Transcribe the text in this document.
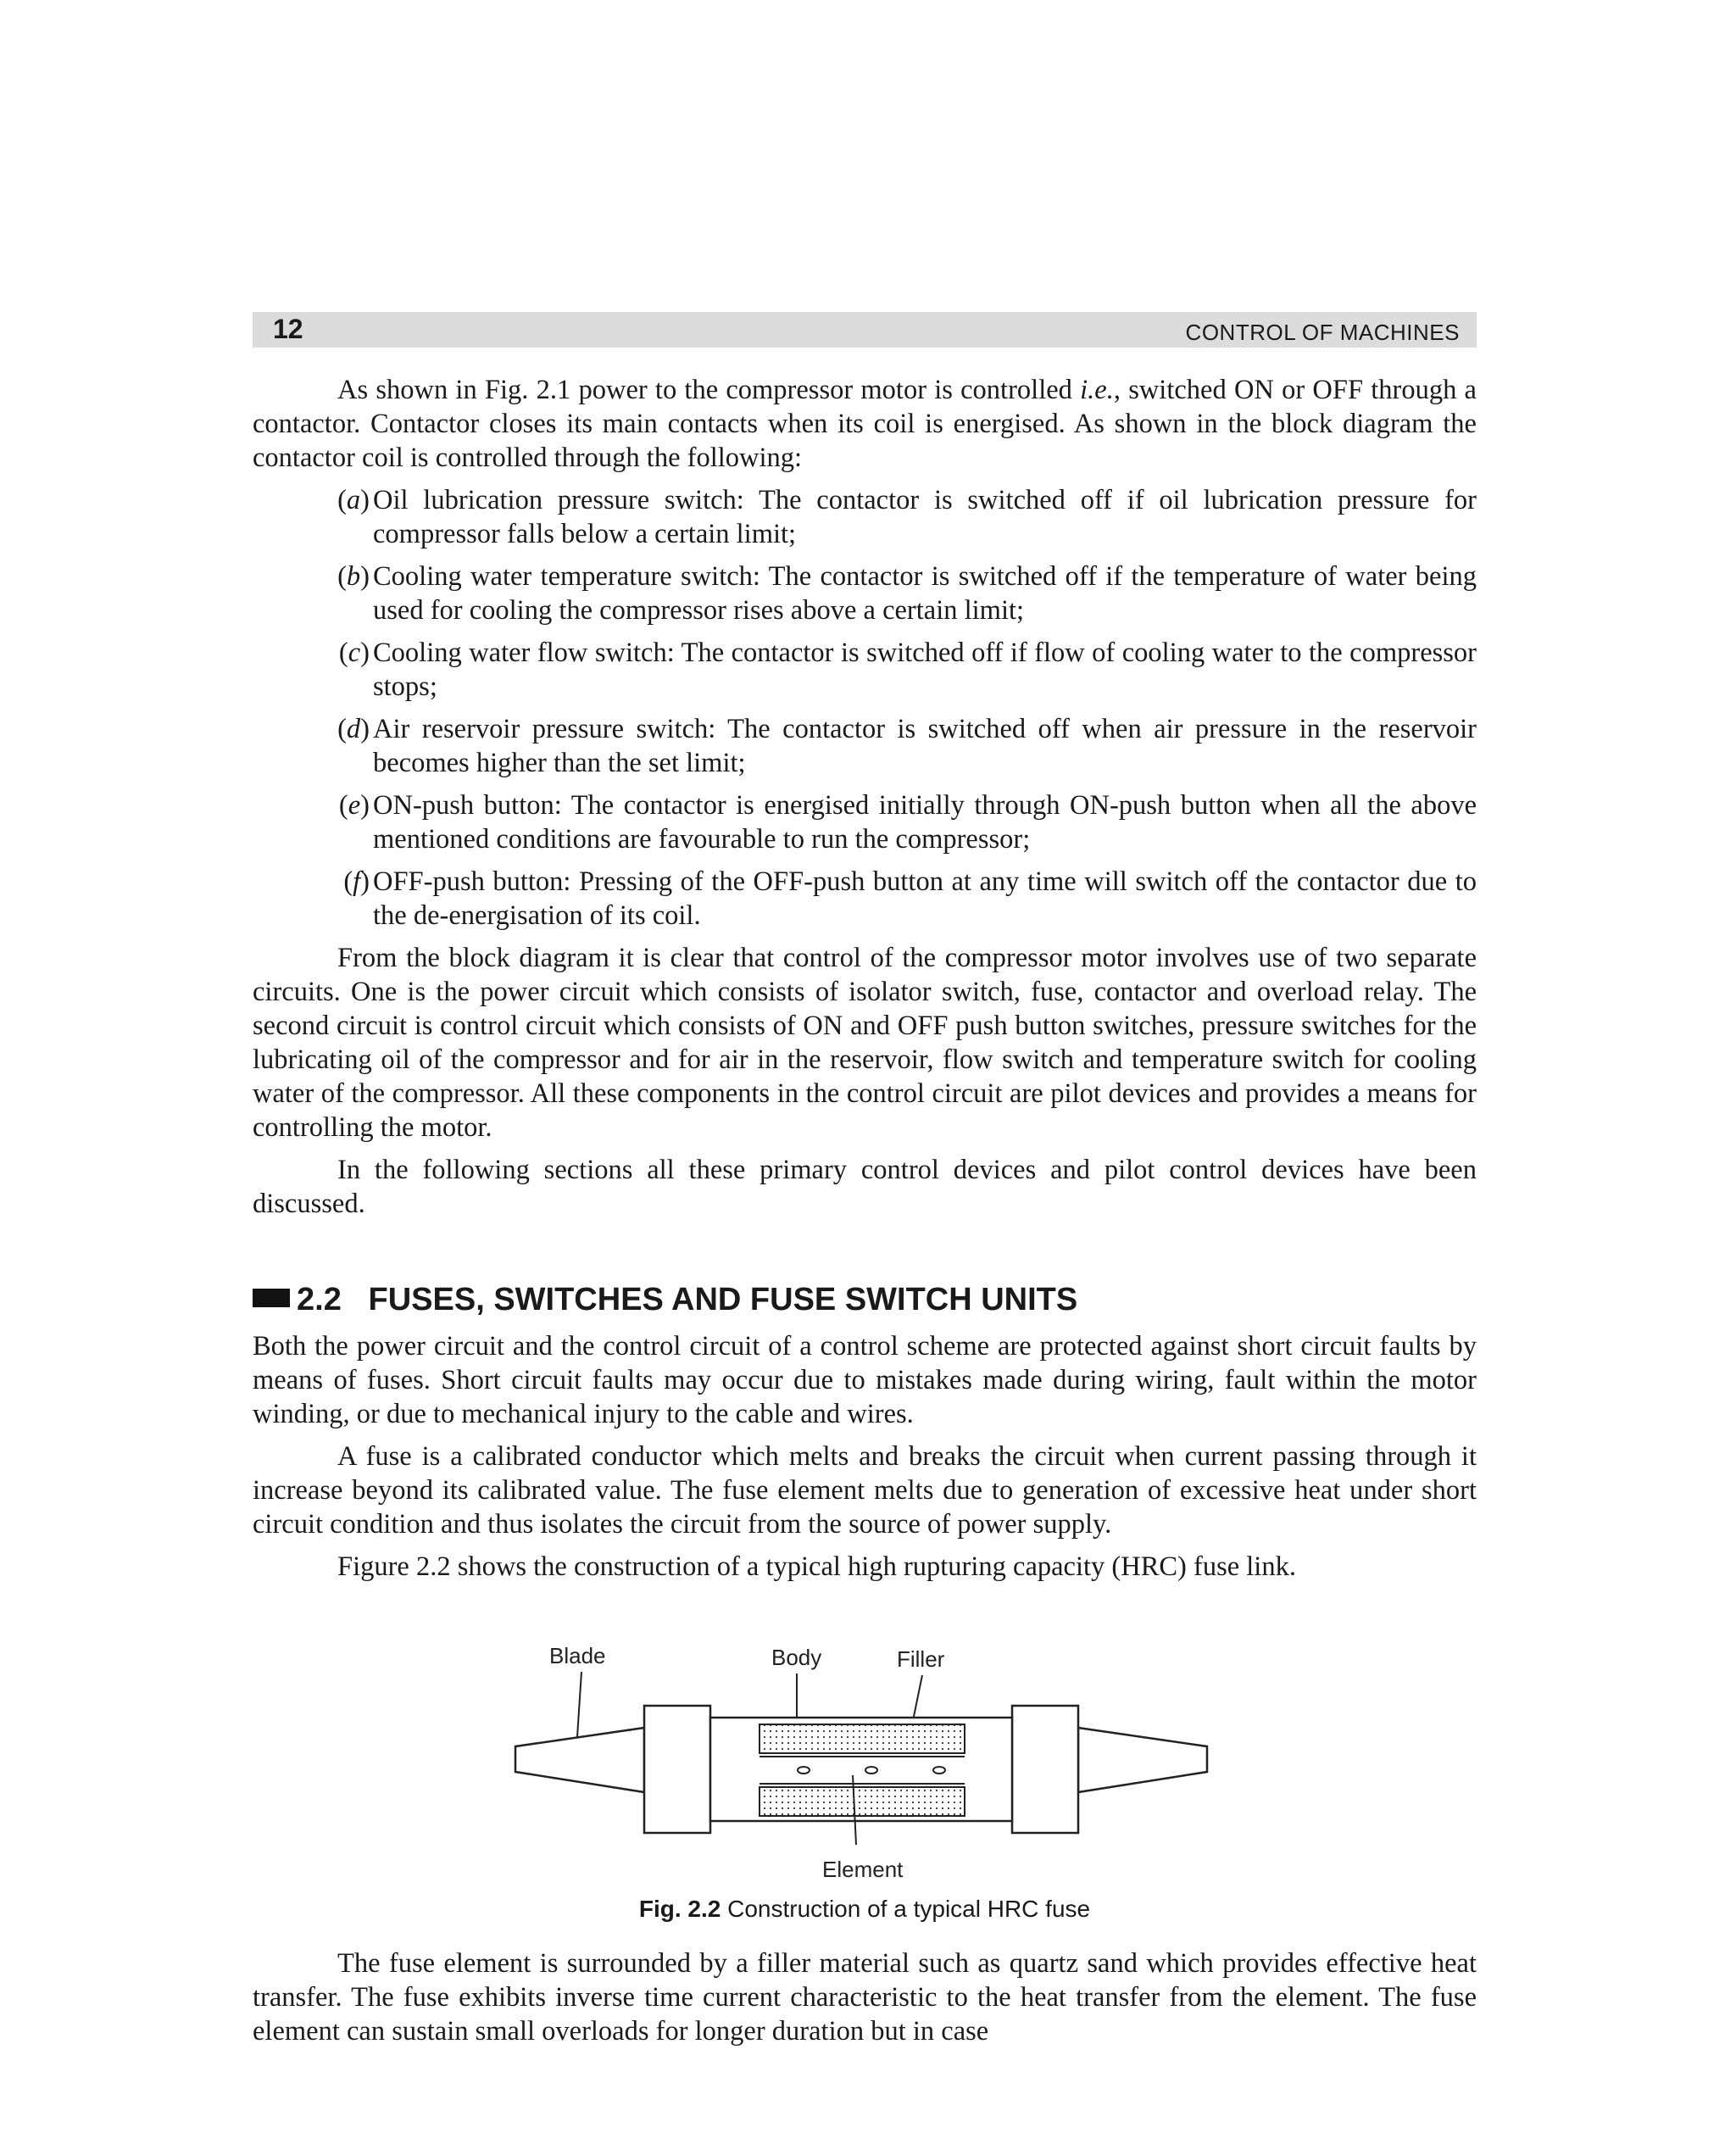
12	CONTROL OF MACHINES

As shown in Fig. 2.1 power to the compressor motor is controlled i.e., switched ON or OFF through a contactor. Contactor closes its main contacts when its coil is energised. As shown in the block diagram the contactor coil is controlled through the following:

(a) Oil lubrication pressure switch: The contactor is switched off if oil lubrication pressure for compressor falls below a certain limit;
(b) Cooling water temperature switch: The contactor is switched off if the temperature of water being used for cooling the compressor rises above a certain limit;
(c) Cooling water flow switch: The contactor is switched off if flow of cooling water to the compressor stops;
(d) Air reservoir pressure switch: The contactor is switched off when air pressure in the reservoir becomes higher than the set limit;
(e) ON-push button: The contactor is energised initially through ON-push button when all the above mentioned conditions are favourable to run the compressor;
(f) OFF-push button: Pressing of the OFF-push button at any time will switch off the contactor due to the de-energisation of its coil.

From the block diagram it is clear that control of the compressor motor involves use of two separate circuits. One is the power circuit which consists of isolator switch, fuse, contactor and overload relay. The second circuit is control circuit which consists of ON and OFF push button switches, pressure switches for the lubricating oil of the compressor and for air in the reservoir, flow switch and temperature switch for cooling water of the compressor. All these components in the control circuit are pilot devices and provides a means for controlling the motor.

In the following sections all these primary control devices and pilot control devices have been discussed.

2.2 FUSES, SWITCHES AND FUSE SWITCH UNITS

Both the power circuit and the control circuit of a control scheme are protected against short circuit faults by means of fuses. Short circuit faults may occur due to mistakes made during wiring, fault within the motor winding, or due to mechanical injury to the cable and wires.

A fuse is a calibrated conductor which melts and breaks the circuit when current passing through it increase beyond its calibrated value. The fuse element melts due to generation of excessive heat under short circuit condition and thus isolates the circuit from the source of power supply.

Figure 2.2 shows the construction of a typical high rupturing capacity (HRC) fuse link.

Blade	Body	Filler
Element
Fig. 2.2 Construction of a typical HRC fuse

The fuse element is surrounded by a filler material such as quartz sand which provides effective heat transfer. The fuse exhibits inverse time current characteristic to the heat transfer from the element. The fuse element can sustain small overloads for longer duration but in case
